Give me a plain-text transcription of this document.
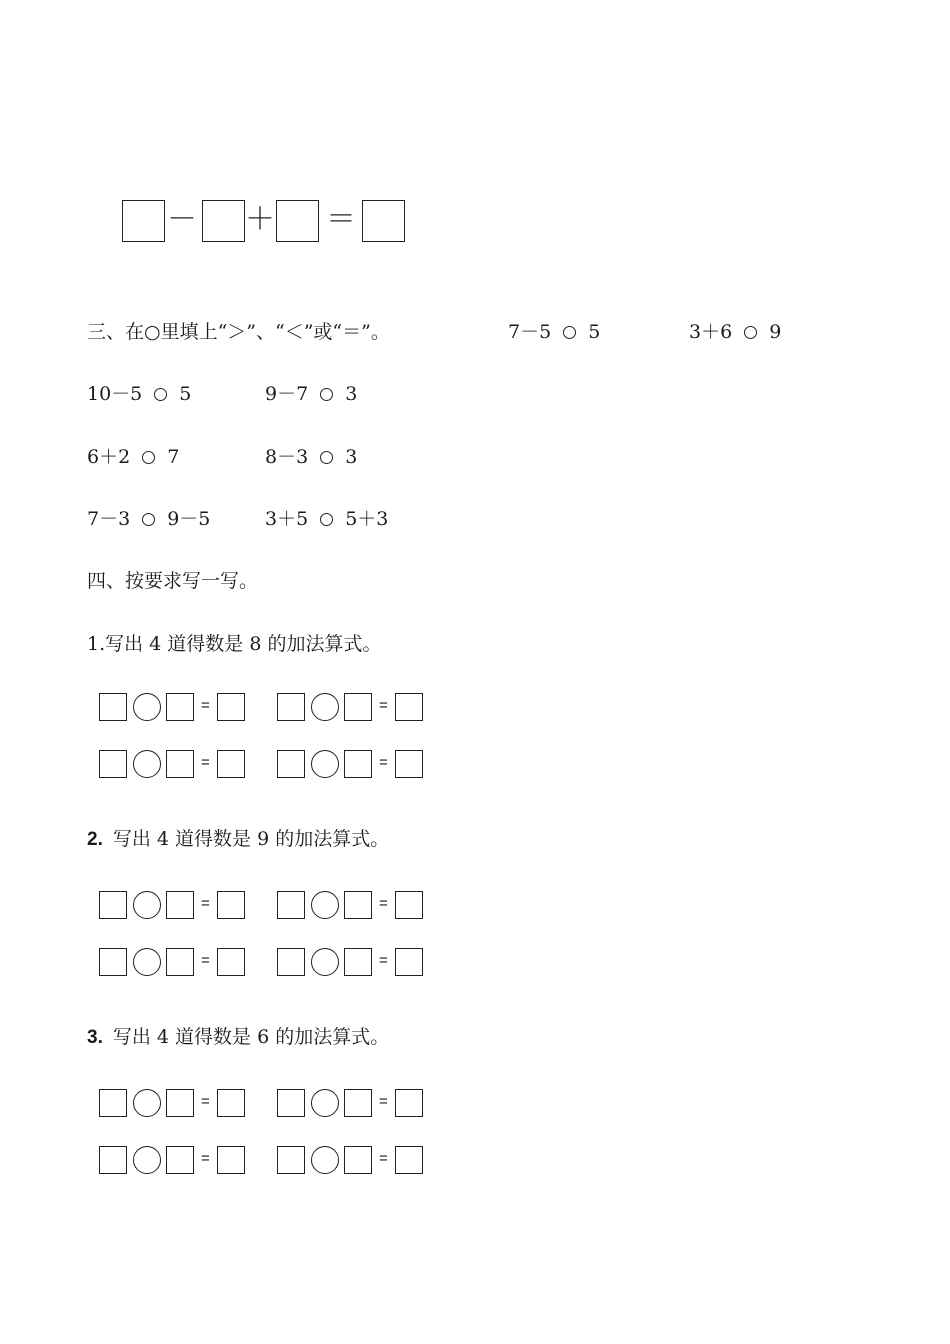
－ ＋ ＝
三、在○里填上“＞”、“＜”或“＝”。	7－5 5	3＋6 9
10－5 5	9－7 3
6＋2 7	8－3 3
7－3 9－5	3＋5 5＋3
四、按要求写一写。
1.写出 4 道得数是 8 的加法算式。
2. 写出 4 道得数是 9 的加法算式。
3. 写出 4 道得数是 6 的加法算式。
=	=
=	=
=	=
=	=
=	=
=	=
